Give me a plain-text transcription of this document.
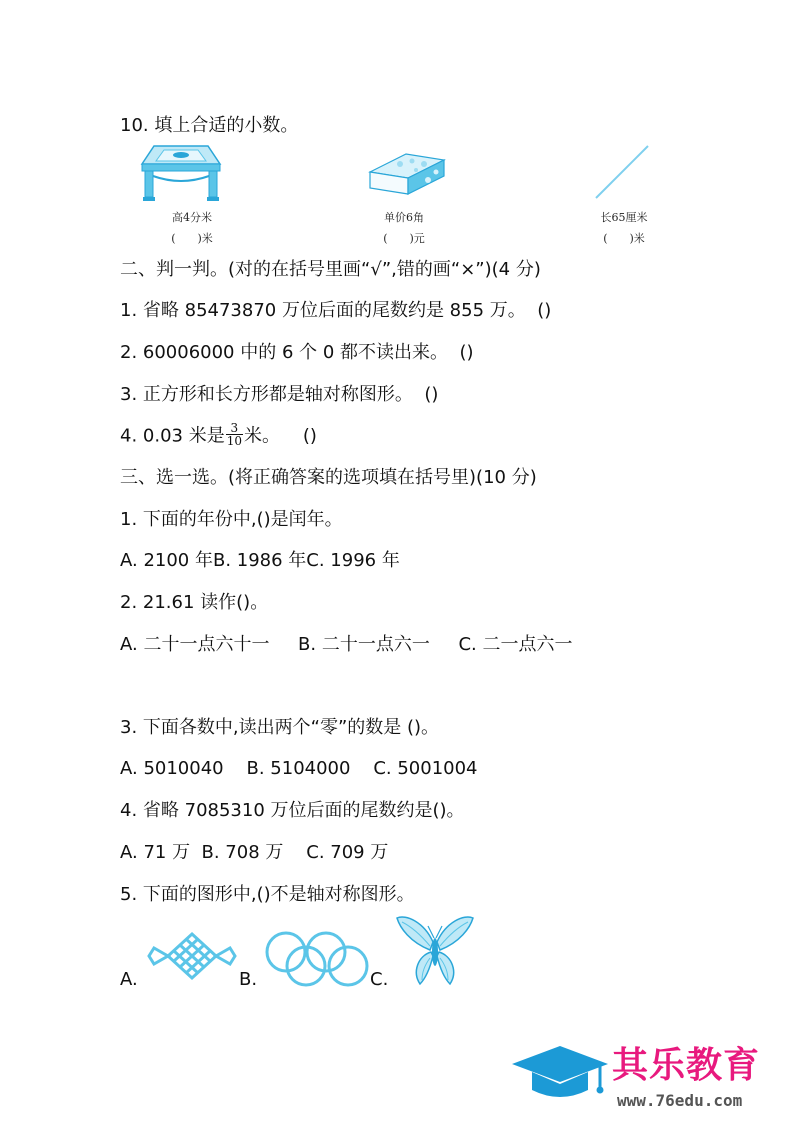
10. 填上合适的小数。
高4分米
(　　)米
单价6角
(　　)元
长65厘米
(　　)米
二、判一判。(对的在括号里画“√”,错的画“×”)(4 分)
1. 省略 85473870 万位后面的尾数约是 855 万。  ()
2. 60006000 中的 6 个 0 都不读出来。  ()
3. 正方形和长方形都是轴对称图形。  ()
4. 0.03 米是 $\frac{3}{10}$ 米。    ()
三、选一选。(将正确答案的选项填在括号里)(10 分)
1. 下面的年份中,()是闰年。
A. 2100 年B. 1986 年C. 1996 年
2. 21.61 读作()。
A. 二十一点六十一     B. 二十一点六一     C. 二一点六一
3. 下面各数中,读出两个“零”的数是 ()。
A. 5010040    B. 5104000    C. 5001004
4. 省略 7085310 万位后面的尾数约是()。
A. 71 万  B. 708 万    C. 709 万
5. 下面的图形中,()不是轴对称图形。
A.	B.	C.
其乐教育
www.76edu.com
